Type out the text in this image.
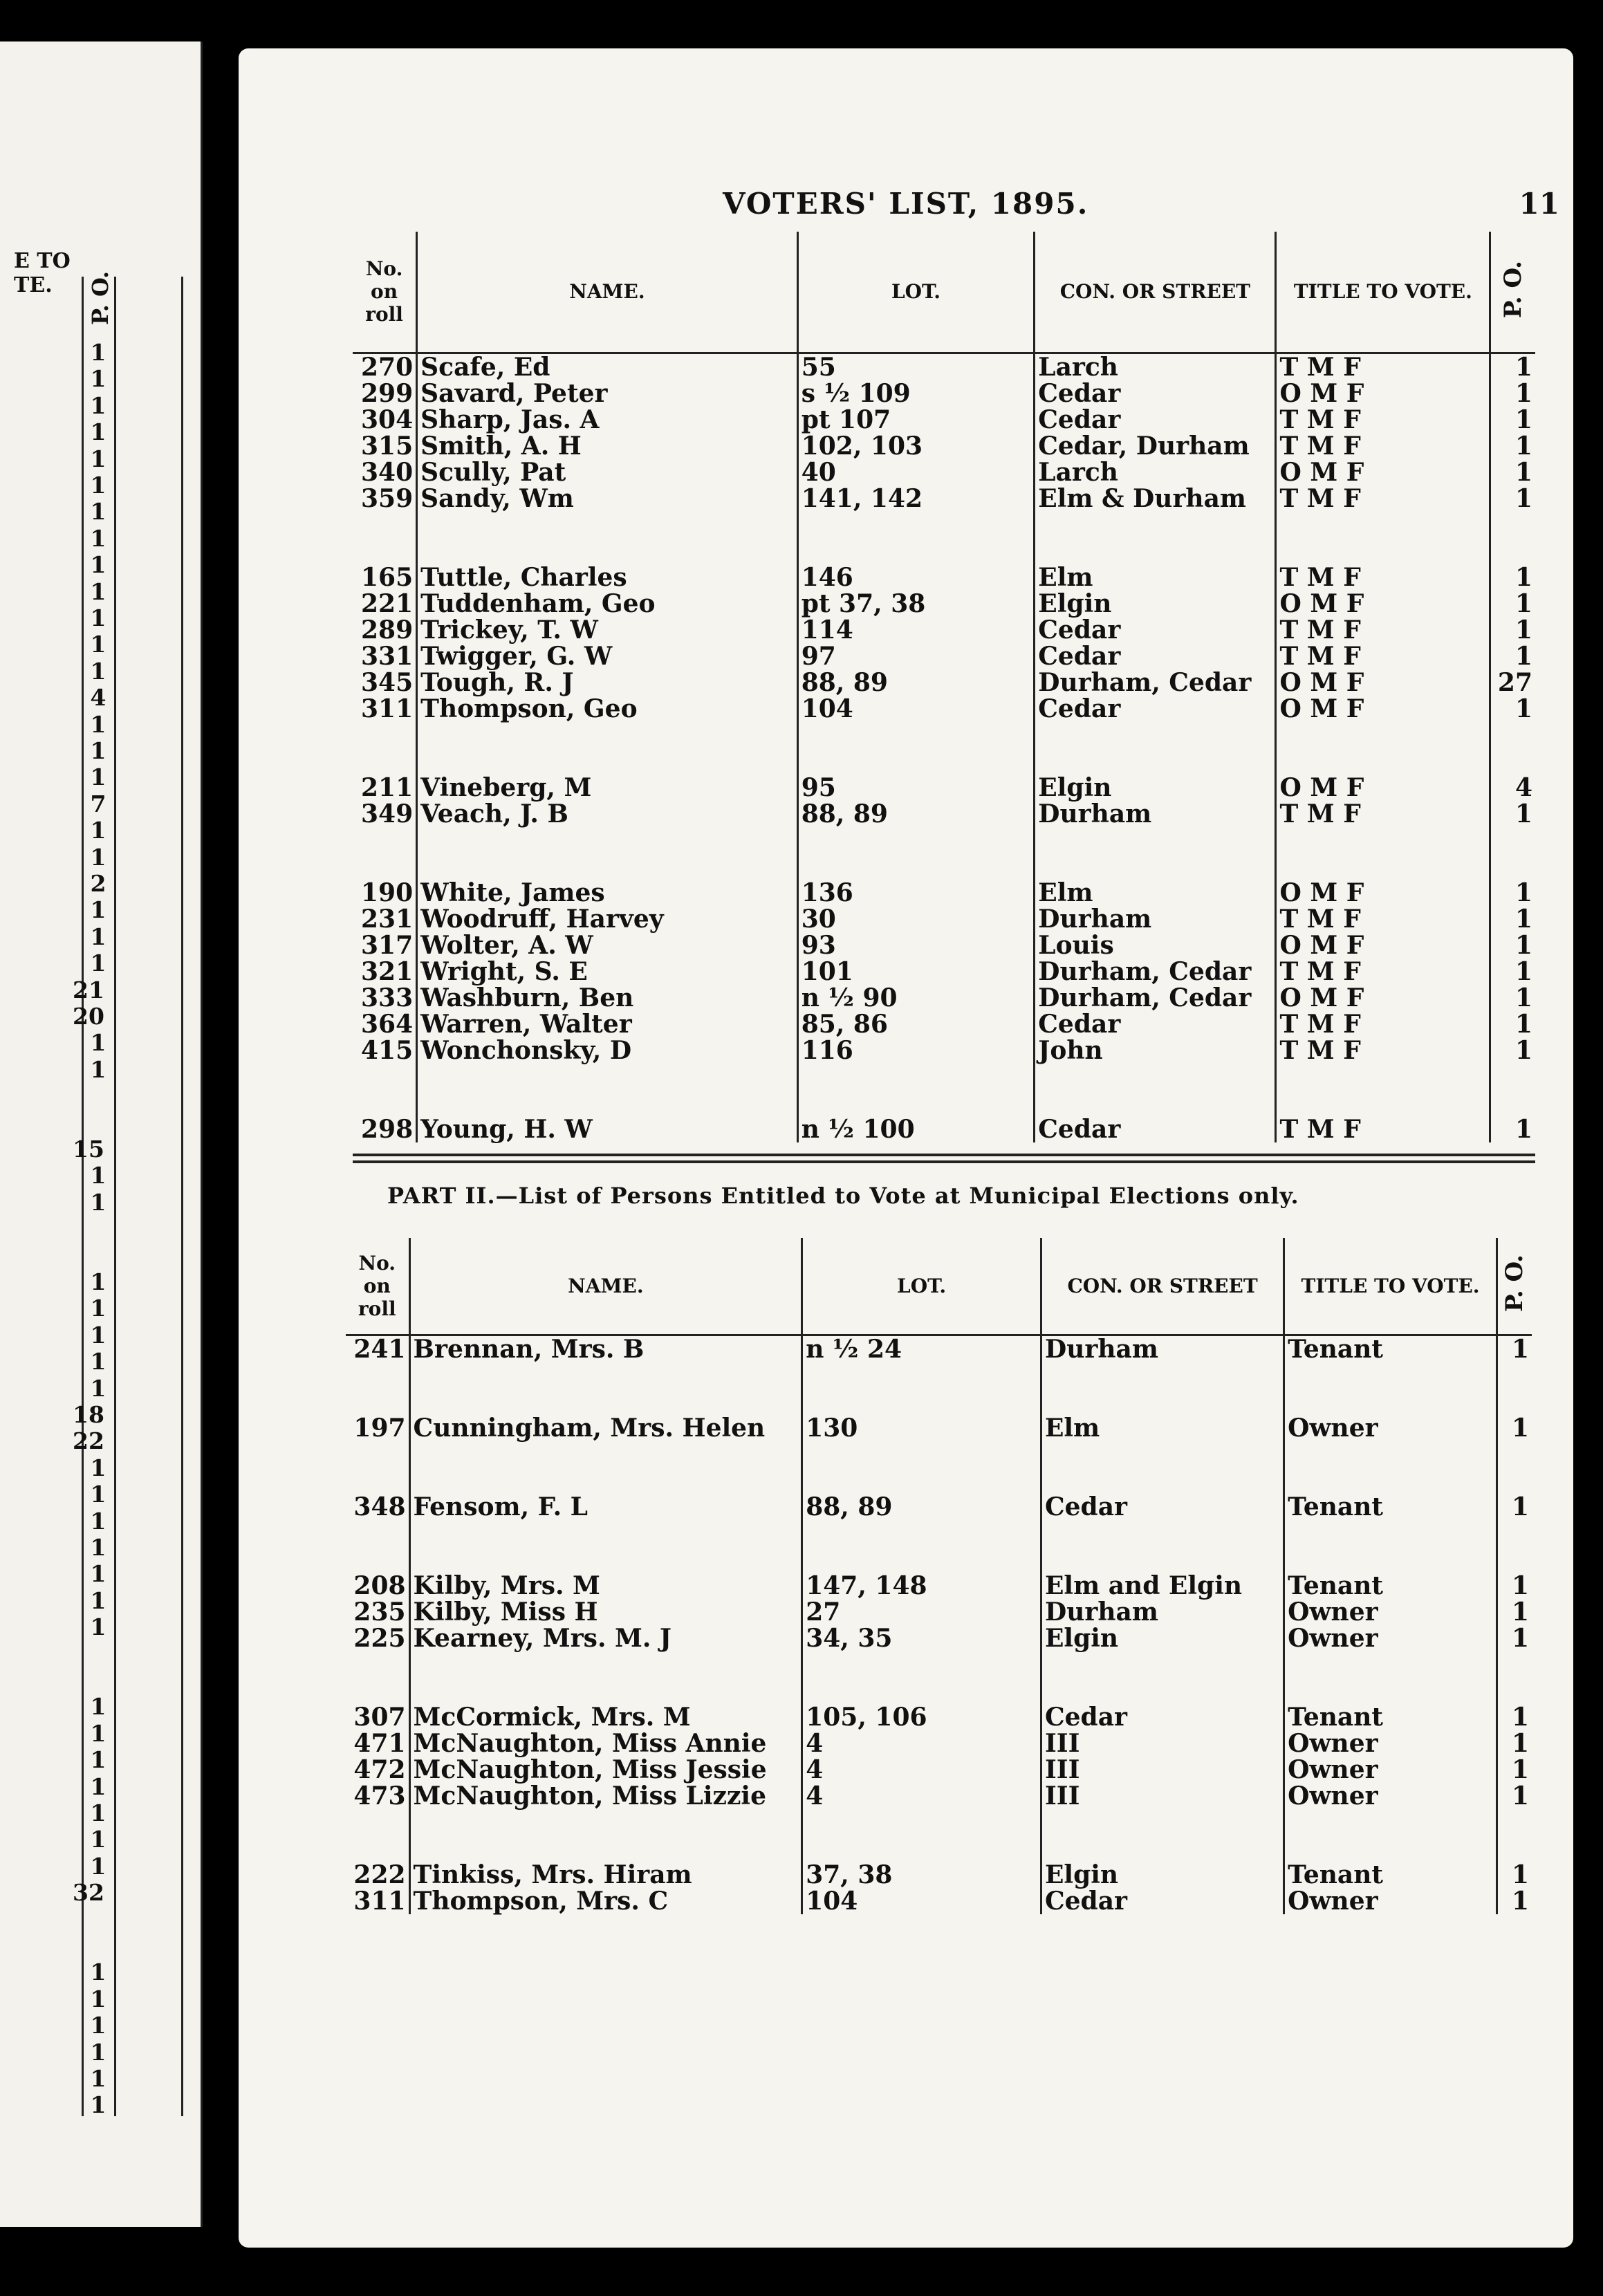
E TO
TE.
1
1
1
1
1
1
1
1
1
1
1
1
1
4
1
1
1
7
1
1
2
1
1
1
21
20
1
1
15
1
1
1
1
1
1
1
18
22
1
1
1
1
1
1
1
1
1
1
1
1
1
1
32
1
1
1
1
1
1
P. O.
VOTERS' LIST, 1895.	11
No. on roll	NAME.	LOT.	CON. OR STREET	TITLE TO VOTE.	P. O.
270	Scafe, Ed	55	Larch	T M F	1
299	Savard, Peter	s ½ 109	Cedar	O M F	1
304	Sharp, Jas. A	pt 107	Cedar	T M F	1
315	Smith, A. H	102, 103	Cedar, Durham	T M F	1
340	Scully, Pat	40	Larch	O M F	1
359	Sandy, Wm	141, 142	Elm & Durham	T M F	1

165	Tuttle, Charles	146	Elm	T M F	1
221	Tuddenham, Geo	pt 37, 38	Elgin	O M F	1
289	Trickey, T. W	114	Cedar	T M F	1
331	Twigger, G. W	97	Cedar	T M F	1
345	Tough, R. J	88, 89	Durham, Cedar	O M F	27
311	Thompson, Geo	104	Cedar	O M F	1

211	Vineberg, M	95	Elgin	O M F	4
349	Veach, J. B	88, 89	Durham	T M F	1

190	White, James	136	Elm	O M F	1
231	Woodruff, Harvey	30	Durham	T M F	1
317	Wolter, A. W	93	Louis	O M F	1
321	Wright, S. E	101	Durham, Cedar	T M F	1
333	Washburn, Ben	n ½ 90	Durham, Cedar	O M F	1
364	Warren, Walter	85, 86	Cedar	T M F	1
415	Wonchonsky, D	116	John	T M F	1

298	Young, H. W	n ½ 100	Cedar	T M F	1
PART II.—List of Persons Entitled to Vote at Municipal Elections only.
No. on roll	NAME.	LOT.	CON. OR STREET	TITLE TO VOTE.	P. O.
241	Brennan, Mrs. B	n ½ 24	Durham	Tenant	1

197	Cunningham, Mrs. Helen	130	Elm	Owner	1

348	Fensom, F. L	88, 89	Cedar	Tenant	1

208	Kilby, Mrs. M	147, 148	Elm and Elgin	Tenant	1
235	Kilby, Miss H	27	Durham	Owner	1
225	Kearney, Mrs. M. J	34, 35	Elgin	Owner	1

307	McCormick, Mrs. M	105, 106	Cedar	Tenant	1
471	McNaughton, Miss Annie	4	III	Owner	1
472	McNaughton, Miss Jessie	4	III	Owner	1
473	McNaughton, Miss Lizzie	4	III	Owner	1

222	Tinkiss, Mrs. Hiram	37, 38	Elgin	Tenant	1
311	Thompson, Mrs. C	104	Cedar	Owner	1
